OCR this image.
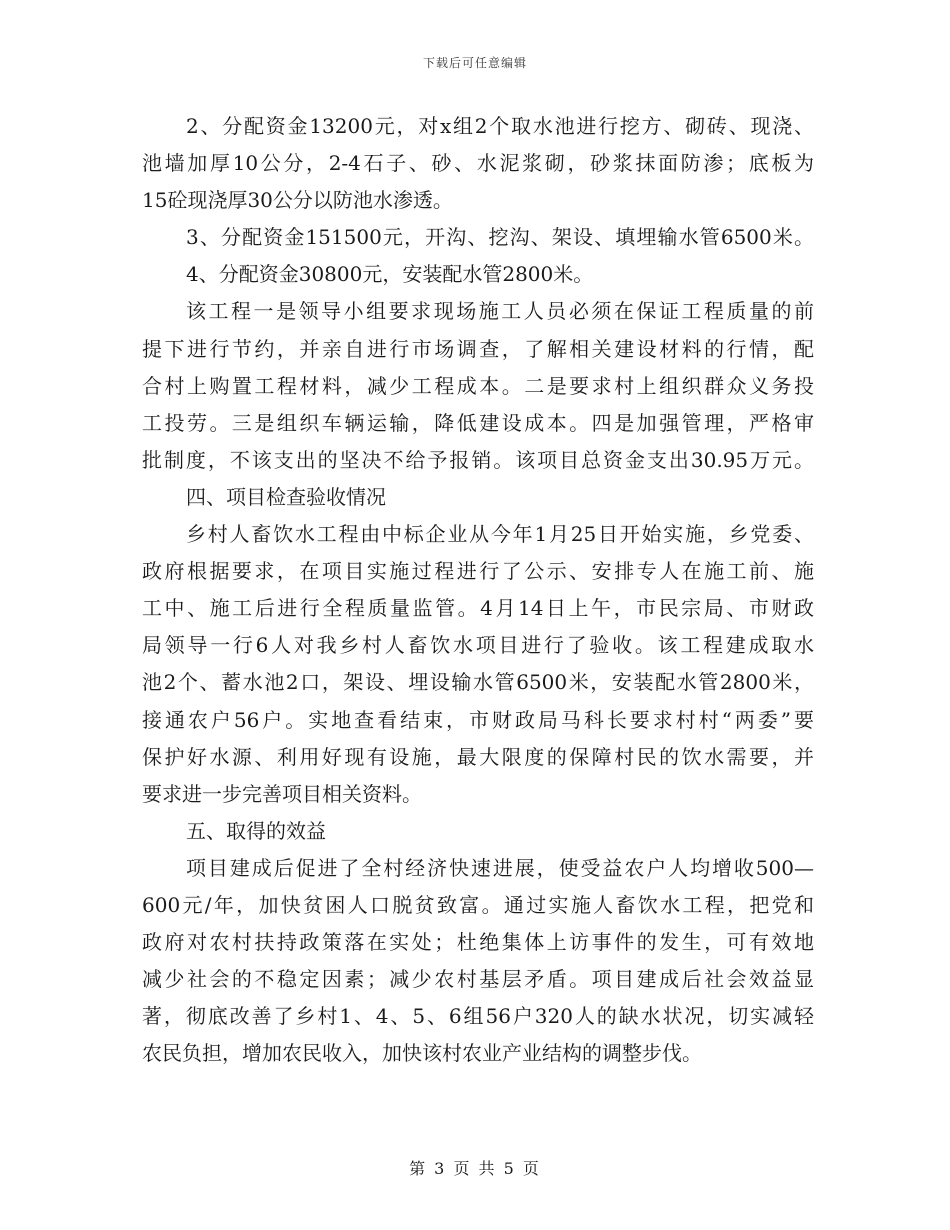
下载后可任意编辑
2、分配资金13200元，对x组2个取水池进行挖方、砌砖、现浇、
池墙加厚10公分，2-4石子、砂、水泥浆砌，砂浆抹面防渗；底板为
15砼现浇厚30公分以防池水渗透。
3、分配资金151500元，开沟、挖沟、架设、填埋输水管6500米。
4、分配资金30800元，安装配水管2800米。
该工程一是领导小组要求现场施工人员必须在保证工程质量的前
提下进行节约，并亲自进行市场调查，了解相关建设材料的行情，配
合村上购置工程材料，减少工程成本。二是要求村上组织群众义务投
工投劳。三是组织车辆运输，降低建设成本。四是加强管理，严格审
批制度，不该支出的坚决不给予报销。该项目总资金支出30.95万元。
四、项目检查验收情况
乡村人畜饮水工程由中标企业从今年1月25日开始实施，乡党委、
政府根据要求，在项目实施过程进行了公示、安排专人在施工前、施
工中、施工后进行全程质量监管。4月14日上午，市民宗局、市财政
局领导一行6人对我乡村人畜饮水项目进行了验收。该工程建成取水
池2个、蓄水池2口，架设、埋设输水管6500米，安装配水管2800米，
接通农户56户。实地查看结束，市财政局马科长要求村村“两委”要
保护好水源、利用好现有设施，最大限度的保障村民的饮水需要，并
要求进一步完善项目相关资料。
五、取得的效益
项目建成后促进了全村经济快速进展，使受益农户人均增收500—
600元/年，加快贫困人口脱贫致富。通过实施人畜饮水工程，把党和
政府对农村扶持政策落在实处；杜绝集体上访事件的发生，可有效地
减少社会的不稳定因素；减少农村基层矛盾。项目建成后社会效益显
著，彻底改善了乡村1、4、5、6组56户320人的缺水状况，切实减轻
农民负担，增加农民收入，加快该村农业产业结构的调整步伐。
第 3 页 共 5 页
